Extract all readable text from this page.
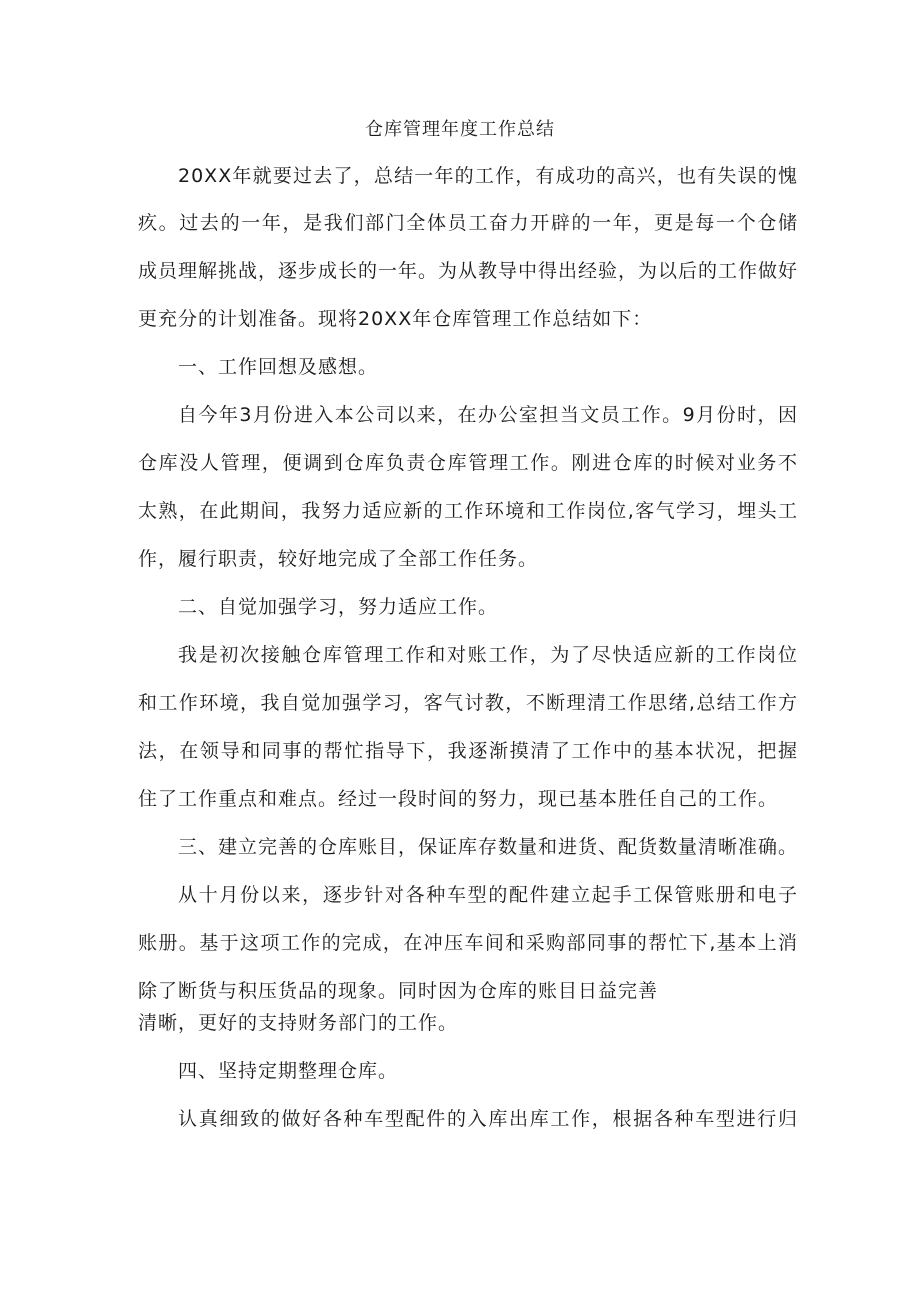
仓库管理年度工作总结
20XX年就要过去了，总结一年的工作，有成功的高兴，也有失误的愧
疚。过去的一年，是我们部门全体员工奋力开辟的一年，更是每一个仓储
成员理解挑战，逐步成长的一年。为从教导中得出经验，为以后的工作做好
更充分的计划准备。现将20XX年仓库管理工作总结如下：
一、工作回想及感想。
自今年3月份进入本公司以来，在办公室担当文员工作。9月份时，因
仓库没人管理，便调到仓库负责仓库管理工作。刚进仓库的时候对业务不
太熟，在此期间，我努力适应新的工作环境和工作岗位,客气学习，埋头工
作，履行职责，较好地完成了全部工作任务。
二、自觉加强学习，努力适应工作。
我是初次接触仓库管理工作和对账工作，为了尽快适应新的工作岗位
和工作环境，我自觉加强学习，客气讨教，不断理清工作思绪,总结工作方
法，在领导和同事的帮忙指导下，我逐渐摸清了工作中的基本状况，把握
住了工作重点和难点。经过一段时间的努力，现已基本胜任自己的工作。
三、建立完善的仓库账目，保证库存数量和进货、配货数量清晰准确。
从十月份以来，逐步针对各种车型的配件建立起手工保管账册和电子
账册。基于这项工作的完成，在冲压车间和采购部同事的帮忙下,基本上消
除了断货与积压货品的现象。同时因为仓库的账目日益完善
清晰，更好的支持财务部门的工作。
四、坚持定期整理仓库。
认真细致的做好各种车型配件的入库出库工作，根据各种车型进行归
